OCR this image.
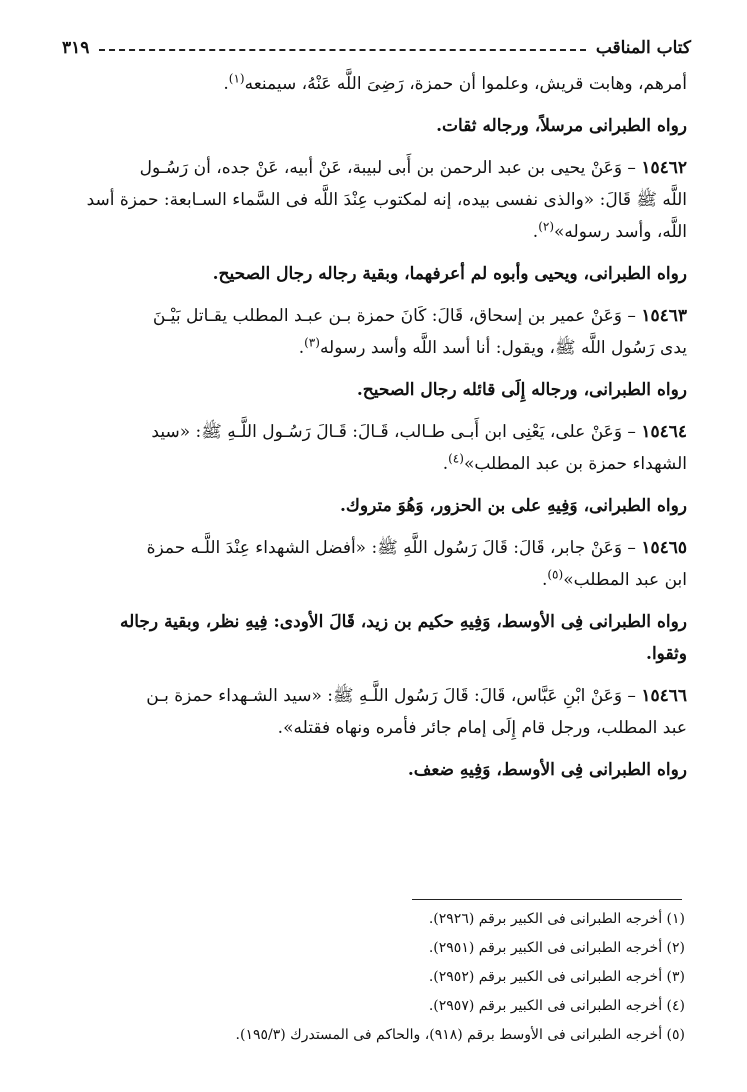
كتاب المناقب
٣١٩
أمرهم، وهابت قريش، وعلموا أن حمزة، رَضِىَ اللَّه عَنْهُ، سيمنعه$^{(١)}$.
رواه الطبرانى مرسلاً، ورجاله ثقات.
١٥٤٦٢ – وَعَنْ يحيى بن عبد الرحمن بن أَبى لبيبة، عَنْ أبيه، عَنْ جده، أن رَسُـول
اللَّه ﷺ قَالَ: «والذى نفسى بيده، إنه لمكتوب عِنْدَ اللَّه فى السَّماء السـابعة: حمزة أسد
اللَّه، وأسد رسوله»$^{(٢)}$.
رواه الطبرانى، ويحيى وأبوه لم أعرفهما، وبقية رجاله رجال الصحيح.
١٥٤٦٣ – وَعَنْ عمير بن إسحاق، قَالَ: كَانَ حمزة بـن عبـد المطلب يقـاتل بَيْـنَ
يدى رَسُول اللَّه ﷺ، ويقول: أنا أسد اللَّه وأسد رسوله$^{(٣)}$.
رواه الطبرانى، ورجاله إِلَى قائله رجال الصحيح.
١٥٤٦٤ – وَعَنْ على، يَعْنِى ابن أَبـى طـالب، قَـالَ: قَـالَ رَسُـول اللَّـهِ ﷺ: «سيد
الشهداء حمزة بن عبد المطلب»$^{(٤)}$.
رواه الطبرانى، وَفِيهِ على بن الحزور، وَهُوَ متروك.
١٥٤٦٥ – وَعَنْ جابر، قَالَ: قَالَ رَسُول اللَّهِ ﷺ: «أفضل الشهداء عِنْدَ اللَّـه حمزة
ابن عبد المطلب»$^{(٥)}$.
رواه الطبرانى فِى الأوسط، وَفِيهِ حكيم بن زيد، قَالَ الأودى: فِيهِ نظر، وبقية رجاله
وثقوا.
١٥٤٦٦ – وَعَنْ ابْنِ عَبَّاس، قَالَ: قَالَ رَسُول اللَّـهِ ﷺ: «سيد الشـهداء حمزة بـن
عبد المطلب، ورجل قام إِلَى إمام جائر فأمره ونهاه فقتله».
رواه الطبرانى فِى الأوسط، وَفِيهِ ضعف.
(١) أخرجه الطبرانى فى الكبير برقم (٢٩٢٦).
(٢) أخرجه الطبرانى فى الكبير برقم (٢٩٥١).
(٣) أخرجه الطبرانى فى الكبير برقم (٢٩٥٢).
(٤) أخرجه الطبرانى فى الكبير برقم (٢٩٥٧).
(٥) أخرجه الطبرانى فى الأوسط برقم (٩١٨)، والحاكم فى المستدرك (١٩٥/٣).
